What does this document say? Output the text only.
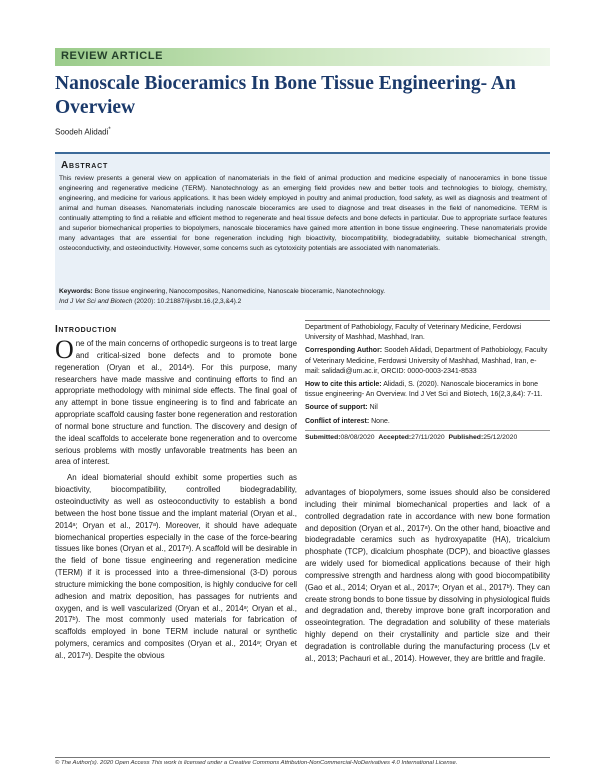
REVIEW ARTICLE
Nanoscale Bioceramics In Bone Tissue Engineering- An Overview
Soodeh Alidadi*
Abstract

This review presents a general view on application of nanomaterials in the field of animal production and medicine especially of nanoceramics in bone tissue engineering and regenerative medicine (TERM). Nanotechnology as an emerging field provides new and better tools and technologies to biology, chemistry, engineering, and medicine for various applications. It has been widely employed in poultry and animal production, food safety, as well as diagnosis and treatment of animal and human diseases. Nanomaterials including nanoscale bioceramics are used to diagnose and treat diseases in the field of nanomedicine. TERM is continually attempting to find a reliable and efficient method to regenerate and heal tissue defects and bone defects in particular. Due to appropriate surface features and superior biomechanical properties to biopolymers, nanoscale bioceramics have gained more attention in bone tissue engineering. These nanomaterials provide many advantages that are essential for bone regeneration including high bioactivity, biocompatibility, biodegradability, suitable biomechanical strength, osteoconductivity, and osteoinductivity. However, some concerns such as cytotoxicity potentials are associated with nanomaterials.

Keywords: Bone tissue engineering, Nanocomposites, Nanomedicine, Nanoscale bioceramic, Nanotechnology.
Ind J Vet Sci and Biotech (2020): 10.21887/ijvsbt.16.(2,3,&4).2
Introduction

One of the main concerns of orthopedic surgeons is to treat large and critical-sized bone defects and to promote bone regeneration (Oryan et al., 2014ᵃ). For this purpose, many researchers have made massive and continuing efforts to find an appropriate methodology with minimal side effects. The final goal of any attempt in bone tissue engineering is to find and fabricate an appropriate scaffold causing faster bone regeneration and restoration of normal bone structure and function. The discovery and design of the ideal scaffolds to accelerate bone regeneration and to overcome serious problems with mostly unfavorable treatments has been an area of interest.

An ideal biomaterial should exhibit some properties such as bioactivity, biocompatibility, controlled biodegradability, osteoinductivity as well as osteoconductivity to establish a bond between the host bone tissue and the implant material (Oryan et al., 2014ᵃ; Oryan et al., 2017ᵃ). Moreover, it should have adequate biomechanical properties especially in the case of the force-bearing tissues like bones (Oryan et al., 2017ᵃ). A scaffold will be desirable in the field of bone tissue engineering and regeneration medicine (TERM) if it is processed into a three-dimensional (3-D) porous structure mimicking the bone composition, is highly conducive for cell adhesion and matrix deposition, has passages for nutrients and oxygen, and is well vascularized (Oryan et al., 2014ᵃ; Oryan et al., 2017ᵇ). The most commonly used materials for fabrication of scaffolds employed in bone TERM include natural or synthetic polymers, ceramics and composites (Oryan et al., 2014ᵃ; Oryan et al., 2017ᵃ). Despite the obvious

Department of Pathobiology, Faculty of Veterinary Medicine, Ferdowsi University of Mashhad, Mashhad, Iran.

Corresponding Author: Soodeh Alidadi, Department of Pathobiology, Faculty of Veterinary Medicine, Ferdowsi University of Mashhad, Mashhad, Iran, e-mail: salidadi@um.ac.ir, ORCID: 0000-0003-2341-8533

How to cite this article: Alidadi, S. (2020). Nanoscale bioceramics in bone tissue engineering- An Overview. Ind J Vet Sci and Biotech, 16(2,3,&4): 7-11.

Source of support: Nil

Conflict of interest: None.

Submitted:08/08/2020 Accepted:27/11/2020 Published:25/12/2020

advantages of biopolymers, some issues should also be considered including their minimal biomechanical properties and lack of a controlled degradation rate in accordance with new bone formation and deposition (Oryan et al., 2017ᵃ). On the other hand, bioactive and biodegradable ceramics such as hydroxyapatite (HA), tricalcium phosphate (TCP), dicalcium phosphate (DCP), and bioactive glasses are widely used for biomedical applications because of their high compressive strength and hardness along with good biocompatibility (Gao et al., 2014; Oryan et al., 2017ᵃ; Oryan et al., 2017ᵇ). They can create strong bonds to bone tissue by dissolving in physiological fluids and degradation and, thereby improve bone graft incorporation and osseointegration. The degradation and solubility of these materials highly depend on their crystallinity and particle size and their degradation is controllable during the manufacturing process (Lv et al., 2013; Pachauri et al., 2014). However, they are brittle and fragile.

© The Author(s). 2020 Open Access This work is licensed under a Creative Commons Attribution-NonCommercial-NoDerivatives 4.0 International License.
